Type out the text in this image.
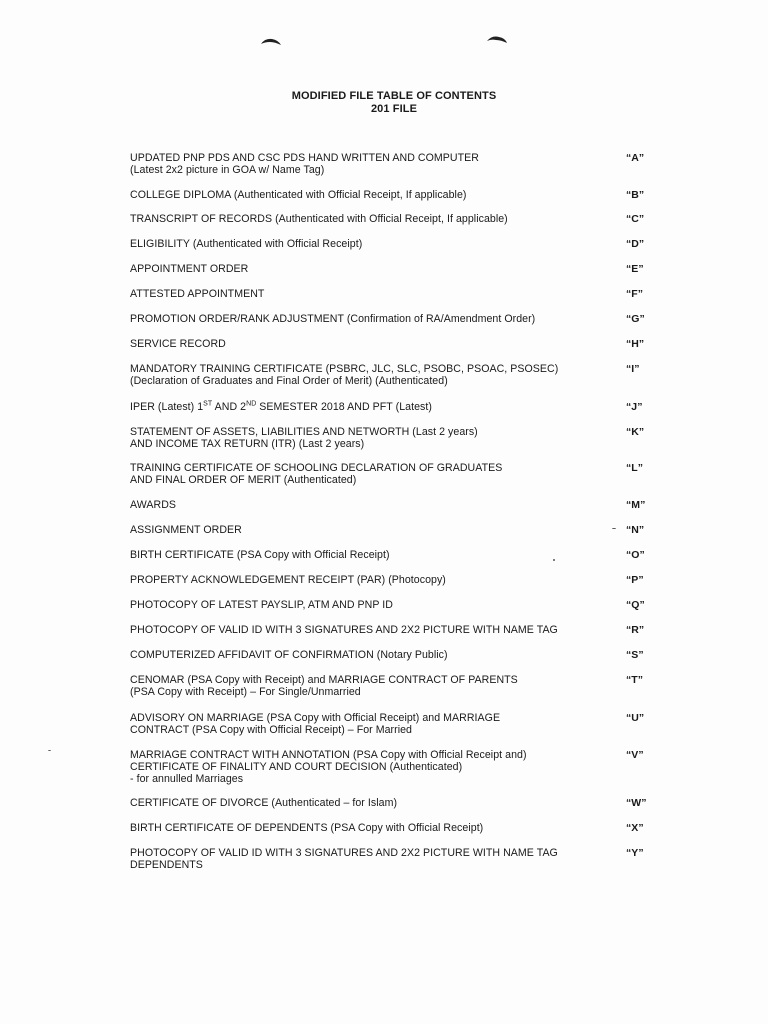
MODIFIED FILE TABLE OF CONTENTS
201 FILE
UPDATED PNP PDS AND CSC PDS HAND WRITTEN AND COMPUTER
(Latest 2x2 picture in GOA w/ Name Tag)
“A”
COLLEGE DIPLOMA (Authenticated with Official Receipt, If applicable)	“B”
TRANSCRIPT OF RECORDS (Authenticated with Official Receipt, If applicable)	“C”
ELIGIBILITY (Authenticated with Official Receipt)	“D”
APPOINTMENT ORDER	“E”
ATTESTED APPOINTMENT	“F”
PROMOTION ORDER/RANK ADJUSTMENT (Confirmation of RA/Amendment Order)	“G”
SERVICE RECORD	“H”
MANDATORY TRAINING CERTIFICATE (PSBRC, JLC, SLC, PSOBC, PSOAC, PSOSEC)
(Declaration of Graduates and Final Order of Merit) (Authenticated)
“I”
IPER (Latest) 1ST AND 2ND SEMESTER 2018 AND PFT (Latest)	“J”
STATEMENT OF ASSETS, LIABILITIES AND NETWORTH (Last 2 years)
AND INCOME TAX RETURN (ITR) (Last 2 years)
“K”
TRAINING CERTIFICATE OF SCHOOLING DECLARATION OF GRADUATES
AND FINAL ORDER OF MERIT (Authenticated)
“L”
AWARDS	“M”
ASSIGNMENT ORDER	“N”
BIRTH CERTIFICATE (PSA Copy with Official Receipt)	“O”
PROPERTY ACKNOWLEDGEMENT RECEIPT (PAR) (Photocopy)	“P”
PHOTOCOPY OF LATEST PAYSLIP, ATM AND PNP ID	“Q”
PHOTOCOPY OF VALID ID WITH 3 SIGNATURES AND 2X2 PICTURE WITH NAME TAG	“R”
COMPUTERIZED AFFIDAVIT OF CONFIRMATION (Notary Public)	“S”
CENOMAR (PSA Copy with Receipt) and MARRIAGE CONTRACT OF PARENTS
(PSA Copy with Receipt) – For Single/Unmarried
“T”
ADVISORY ON MARRIAGE (PSA Copy with Official Receipt) and MARRIAGE
CONTRACT (PSA Copy with Official Receipt) – For Married
“U”
MARRIAGE CONTRACT WITH ANNOTATION (PSA Copy with Official Receipt and)
CERTIFICATE OF FINALITY AND COURT DECISION (Authenticated)
- for annulled Marriages
“V”
CERTIFICATE OF DIVORCE (Authenticated – for Islam)	“W”
BIRTH CERTIFICATE OF DEPENDENTS (PSA Copy with Official Receipt)	“X”
PHOTOCOPY OF VALID ID WITH 3 SIGNATURES AND 2X2 PICTURE WITH NAME TAG
DEPENDENTS
“Y”
